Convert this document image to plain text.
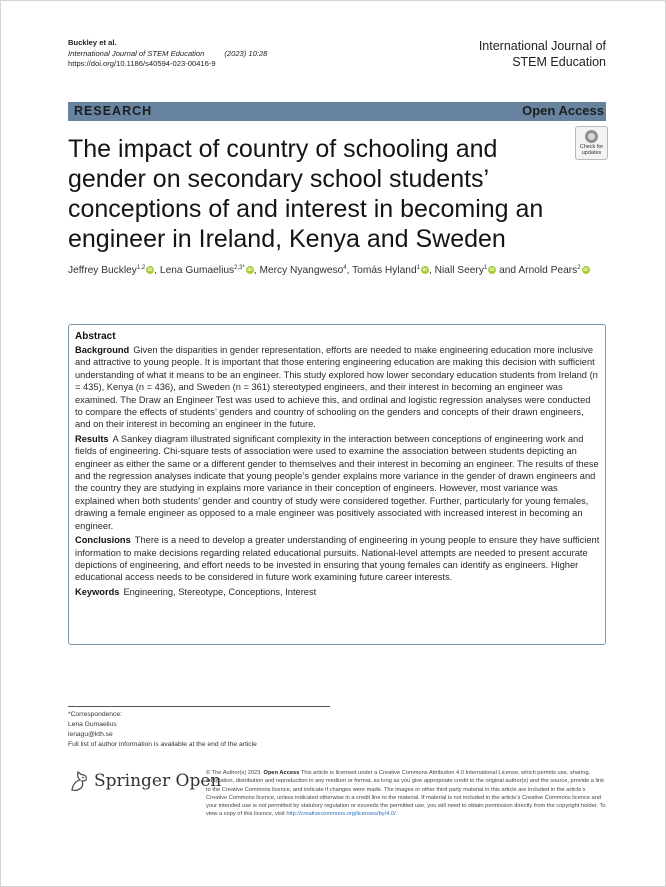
Buckley et al.
International Journal of STEM Education	(2023) 10:28
https://doi.org/10.1186/s40594-023-00416-9
International Journal of
STEM Education
RESEARCH	Open Access
Check for
updates
The impact of country of schooling and gender on secondary school students’ conceptions of and interest in becoming an engineer in Ireland, Kenya and Sweden
Jeffrey Buckley$^{1,2}$ iD , Lena Gumaelius$^{2,3*}$ iD , Mercy Nyangweso$^4$, Tomás Hyland$^1$ iD , Niall Seery$^1$iD and Arnold Pears$^2$iD
Abstract

Background Given the disparities in gender representation, efforts are needed to make engineering education more inclusive and attractive to young people. It is important that those entering engineering education are making this decision with sufficient understanding of what it means to be an engineer. This study explored how lower secondary education students from Ireland (n = 435), Kenya (n = 436), and Sweden (n = 361) stereotyped engineers, and their interest in becoming an engineer was examined. The Draw an Engineer Test was used to achieve this, and ordinal and logistic regression analyses were conducted to compare the effects of students’ genders and country of schooling on the genders and concepts of their drawn engineers, and on their interest in becoming an engineer in the future.

Results A Sankey diagram illustrated significant complexity in the interaction between conceptions of engineering work and fields of engineering. Chi-square tests of association were used to examine the association between students depicting an engineer as either the same or a different gender to themselves and their interest in becoming an engineer. The results of these and the regression analyses indicate that young people’s gender explains more variance in the gender of drawn engineers and the country they are studying in explains more variance in their conception of engineers. However, most variance was explained when both students’ gender and country of study were considered together. Further, particularly for young females, drawing a female engineer as opposed to a male engineer was positively associated with increased interest in becoming an engineer.

Conclusions There is a need to develop a greater understanding of engineering in young people to ensure they have sufficient information to make decisions regarding related educational pursuits. National-level attempts are needed to present accurate depictions of engineering, and effort needs to be invested in ensuring that young females can identify as engineers. Higher educational access needs to be considered in future work examining future career interests.

Keywords Engineering, Stereotype, Conceptions, Interest

*Correspondence:
Lena Gumaelius
lenagu@kth.se
Full list of author information is available at the end of the article
Springer Open
© The Author(s) 2023. Open Access This article is licensed under a Creative Commons Attribution 4.0 International License, which permits use, sharing, adaptation, distribution and reproduction in any medium or format, as long as you give appropriate credit to the original author(s) and the source, provide a link to the Creative Commons licence, and indicate if changes were made. The images or other third party material in this article are included in the article’s Creative Commons licence, unless indicated otherwise in a credit line to the material. If material is not included in the article’s Creative Commons licence and your intended use is not permitted by statutory regulation or exceeds the permitted use, you will need to obtain permission directly from the copyright holder. To view a copy of this licence, visit http://creativecommons.org/licenses/by/4.0/.
